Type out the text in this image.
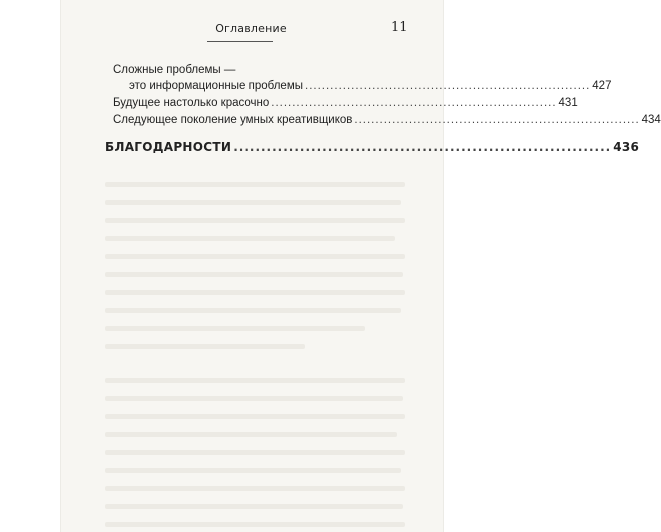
Оглавление	11
Сложные проблемы —
это информационные проблемы .................................................................... 427
Будущее настолько красочно .................................................................... 431
Следующее поколение умных креативщиков .................................................................... 434
БЛАГОДАРНОСТИ .................................................................... 436
